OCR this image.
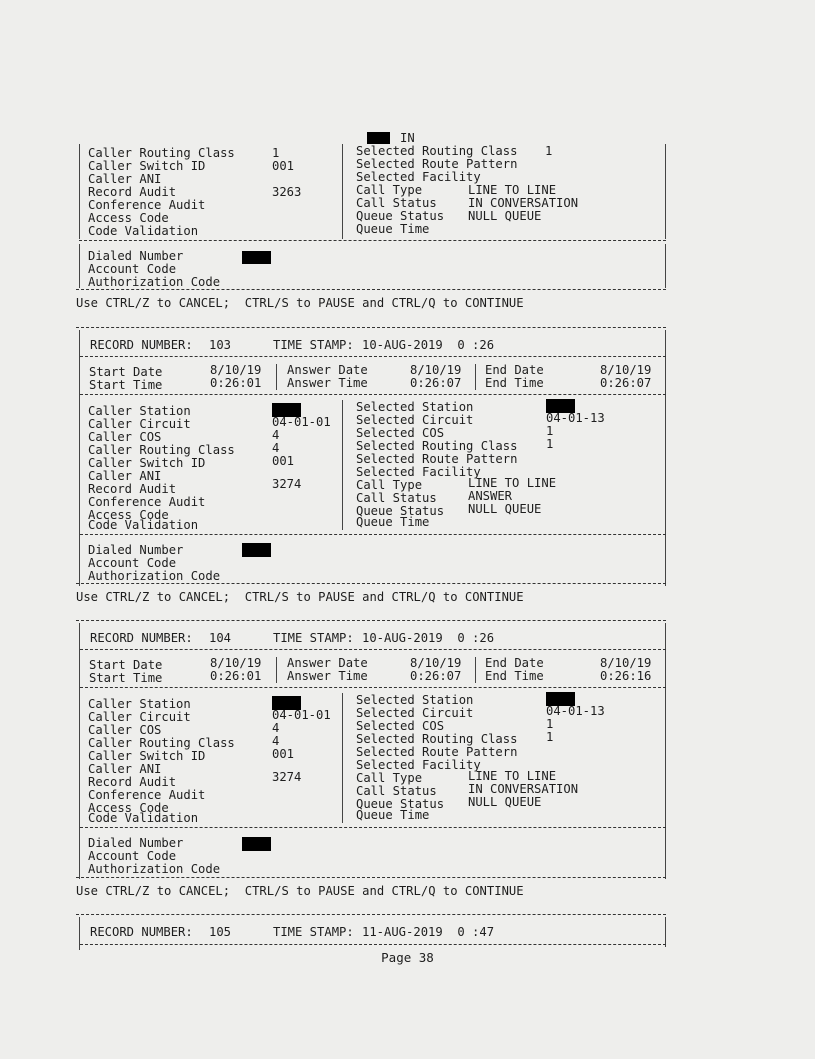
IN
Caller Routing Class	1	Selected Routing Class 1
Caller Switch ID	001	Selected Route Pattern
Caller ANI	Selected Facility
Record Audit	3263	Call Type	LINE TO LINE
Conference Audit	Call Status	IN CONVERSATION
Access Code	Queue Status NULL QUEUE
Code Validation	Queue Time
Dialed Number
Account Code
Authorization Code
Use CTRL/Z to CANCEL;  CTRL/S to PAUSE and CTRL/Q to CONTINUE
RECORD NUMBER: 103	TIME STAMP: 10-AUG-2019  0 :26
Start Date	8/10/19
Start Time	0:26:01
Answer Date	8/10/19
Answer Time	0:26:07
End Date	8/10/19
End Time	0:26:07
Caller Station
Caller Circuit	04-01-01
Caller COS	4
Caller Routing Class	4
Caller Switch ID	001
Caller ANI
Record Audit	3274
Conference Audit
Access Code
Code Validation
Selected Station
Selected Circuit	04-01-13
Selected COS	1
Selected Routing Class 1
Selected Route Pattern
Selected Facility
Call Type	LINE TO LINE
Call Status	ANSWER
Queue Status NULL QUEUE
Queue Time
Dialed Number
Account Code
Authorization Code
Use CTRL/Z to CANCEL;  CTRL/S to PAUSE and CTRL/Q to CONTINUE
RECORD NUMBER: 104	TIME STAMP: 10-AUG-2019  0 :26
Start Date	8/10/19
Start Time	0:26:01
Answer Date	8/10/19
Answer Time	0:26:07
End Date	8/10/19
End Time	0:26:16
Caller Station
Caller Circuit	04-01-01
Caller COS	4
Caller Routing Class	4
Caller Switch ID	001
Caller ANI
Record Audit	3274
Conference Audit
Access Code
Code Validation
Selected Station
Selected Circuit	04-01-13
Selected COS	1
Selected Routing Class 1
Selected Route Pattern
Selected Facility
Call Type	LINE TO LINE
Call Status	IN CONVERSATION
Queue Status NULL QUEUE
Queue Time
Dialed Number
Account Code
Authorization Code
Use CTRL/Z to CANCEL;  CTRL/S to PAUSE and CTRL/Q to CONTINUE
RECORD NUMBER: 105	TIME STAMP: 11-AUG-2019  0 :47
Page 38
